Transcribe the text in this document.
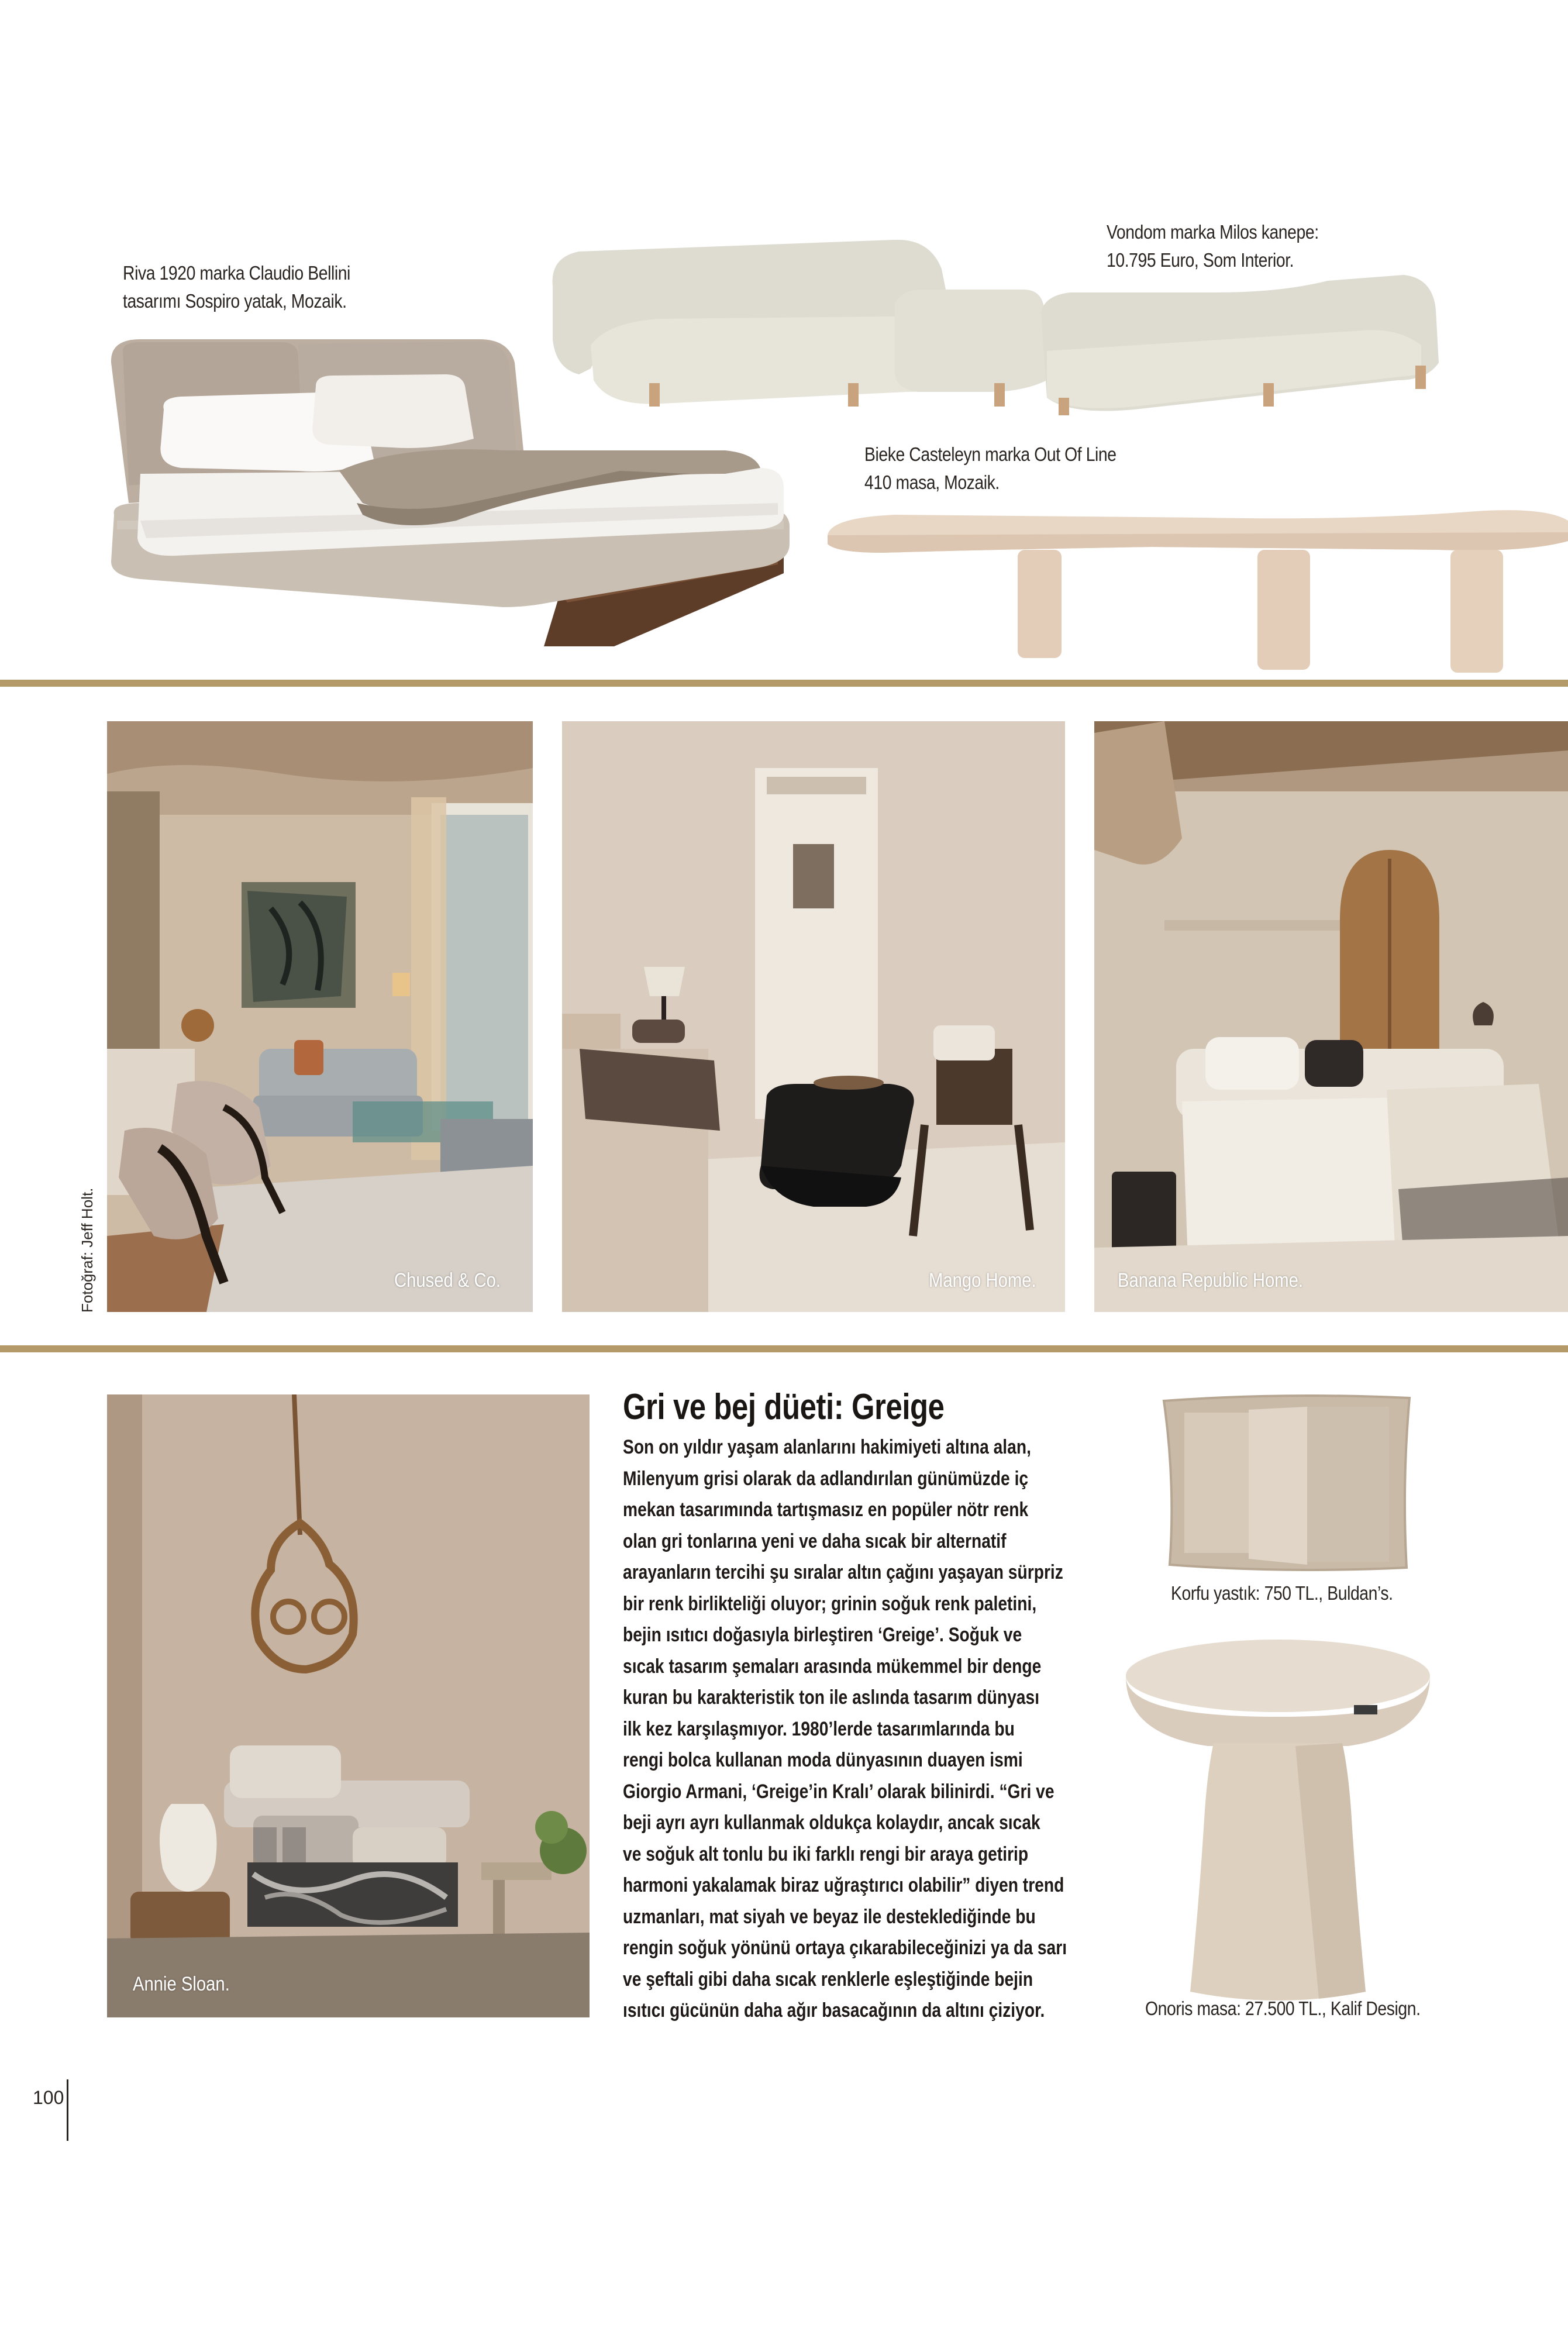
Riva 1920 marka Claudio Bellini
tasarımı Sospiro yatak, Mozaik.
Vondom marka Milos kanepe:
10.795 Euro, Som Interior.
Bieke Casteleyn marka Out Of Line
410 masa, Mozaik.
Fotoğraf: Jeff Holt.	Chused & Co.	Mango Home.	Banana Republic Home.
Annie Sloan.
Gri ve bej düeti: Greige
Son on yıldır yaşam alanlarını hakimiyeti altına alan,
Milenyum grisi olarak da adlandırılan günümüzde iç
mekan tasarımında tartışmasız en popüler nötr renk
olan gri tonlarına yeni ve daha sıcak bir alternatif
arayanların tercihi şu sıralar altın çağını yaşayan sürpriz
bir renk birlikteliği oluyor; grinin soğuk renk paletini,
bejin ısıtıcı doğasıyla birleştiren ‘Greige’. Soğuk ve
sıcak tasarım şemaları arasında mükemmel bir denge
kuran bu karakteristik ton ile aslında tasarım dünyası
ilk kez karşılaşmıyor. 1980’lerde tasarımlarında bu
rengi bolca kullanan moda dünyasının duayen ismi
Giorgio Armani, ‘Greige’in Kralı’ olarak bilinirdi. “Gri ve
beji ayrı ayrı kullanmak oldukça kolaydır, ancak sıcak
ve soğuk alt tonlu bu iki farklı rengi bir araya getirip
harmoni yakalamak biraz uğraştırıcı olabilir” diyen trend
uzmanları, mat siyah ve beyaz ile desteklediğinde bu
rengin soğuk yönünü ortaya çıkarabileceğinizi ya da sarı
ve şeftali gibi daha sıcak renklerle eşleştiğinde bejin
ısıtıcı gücünün daha ağır basacağının da altını çiziyor.
Korfu yastık: 750 TL., Buldan’s.
Onoris masa: 27.500 TL., Kalif Design.
100
